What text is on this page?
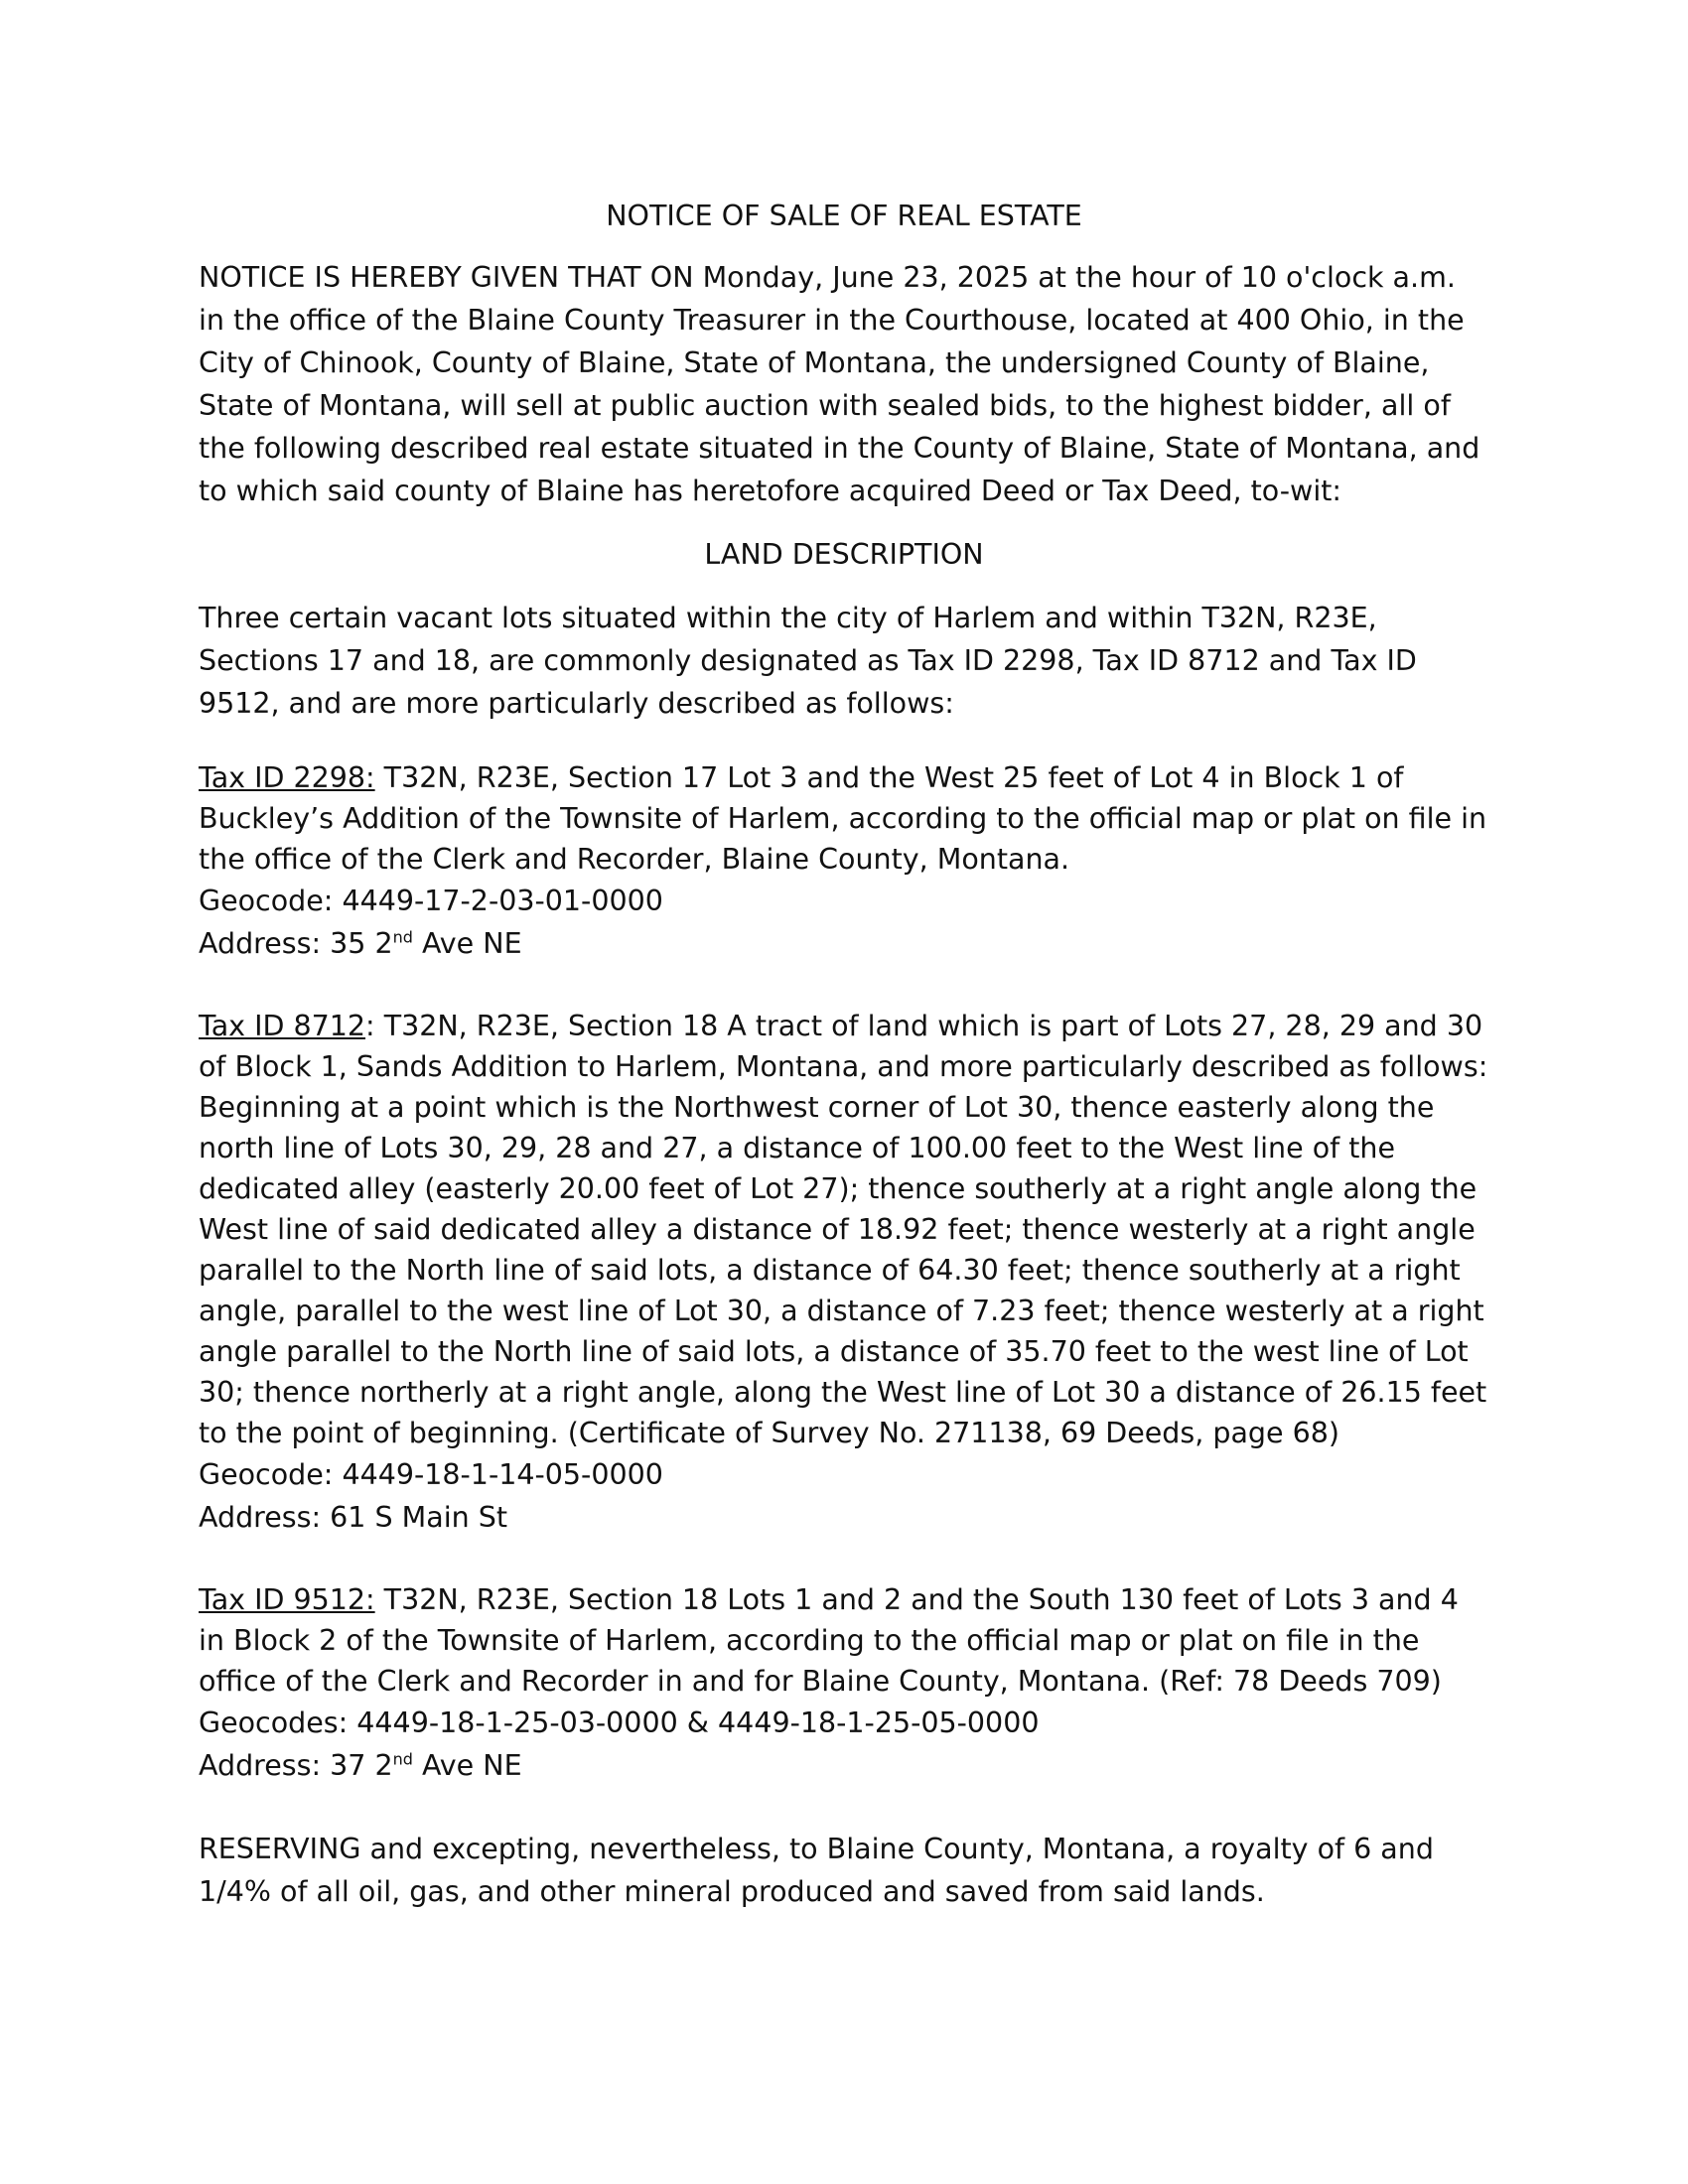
NOTICE OF SALE OF REAL ESTATE

NOTICE IS HEREBY GIVEN THAT ON Monday, June 23, 2025 at the hour of 10 o'clock a.m. in the office of the Blaine County Treasurer in the Courthouse, located at 400 Ohio, in the City of Chinook, County of Blaine, State of Montana, the undersigned County of Blaine, State of Montana, will sell at public auction with sealed bids, to the highest bidder, all of the following described real estate situated in the County of Blaine, State of Montana, and to which said county of Blaine has heretofore acquired Deed or Tax Deed, to-wit:

LAND DESCRIPTION

Three certain vacant lots situated within the city of Harlem and within T32N, R23E, Sections 17 and 18, are commonly designated as Tax ID 2298, Tax ID 8712 and Tax ID 9512, and are more particularly described as follows:

Tax ID 2298: T32N, R23E, Section 17 Lot 3 and the West 25 feet of Lot 4 in Block 1 of Buckley’s Addition of the Townsite of Harlem, according to the official map or plat on file in the office of the Clerk and Recorder, Blaine County, Montana.

Geocode: 4449-17-2-03-01-0000
Address: 35 2nd Ave NE

Tax ID 8712: T32N, R23E, Section 18 A tract of land which is part of Lots 27, 28, 29 and 30 of Block 1, Sands Addition to Harlem, Montana, and more particularly described as follows: Beginning at a point which is the Northwest corner of Lot 30, thence easterly along the north line of Lots 30, 29, 28 and 27, a distance of 100.00 feet to the West line of the dedicated alley (easterly 20.00 feet of Lot 27); thence southerly at a right angle along the West line of said dedicated alley a distance of 18.92 feet; thence westerly at a right angle parallel to the North line of said lots, a distance of 64.30 feet; thence southerly at a right angle, parallel to the west line of Lot 30, a distance of 7.23 feet; thence westerly at a right angle parallel to the North line of said lots, a distance of 35.70 feet to the west line of Lot 30; thence northerly at a right angle, along the West line of Lot 30 a distance of 26.15 feet to the point of beginning. (Certificate of Survey No. 271138, 69 Deeds, page 68)

Geocode: 4449-18-1-14-05-0000
Address: 61 S Main St

Tax ID 9512: T32N, R23E, Section 18 Lots 1 and 2 and the South 130 feet of Lots 3 and 4 in Block 2 of the Townsite of Harlem, according to the official map or plat on file in the office of the Clerk and Recorder in and for Blaine County, Montana. (Ref: 78 Deeds 709)

Geocodes: 4449-18-1-25-03-0000 & 4449-18-1-25-05-0000
Address: 37 2nd Ave NE

RESERVING and excepting, nevertheless, to Blaine County, Montana, a royalty of 6 and 1/4% of all oil, gas, and other mineral produced and saved from said lands.
